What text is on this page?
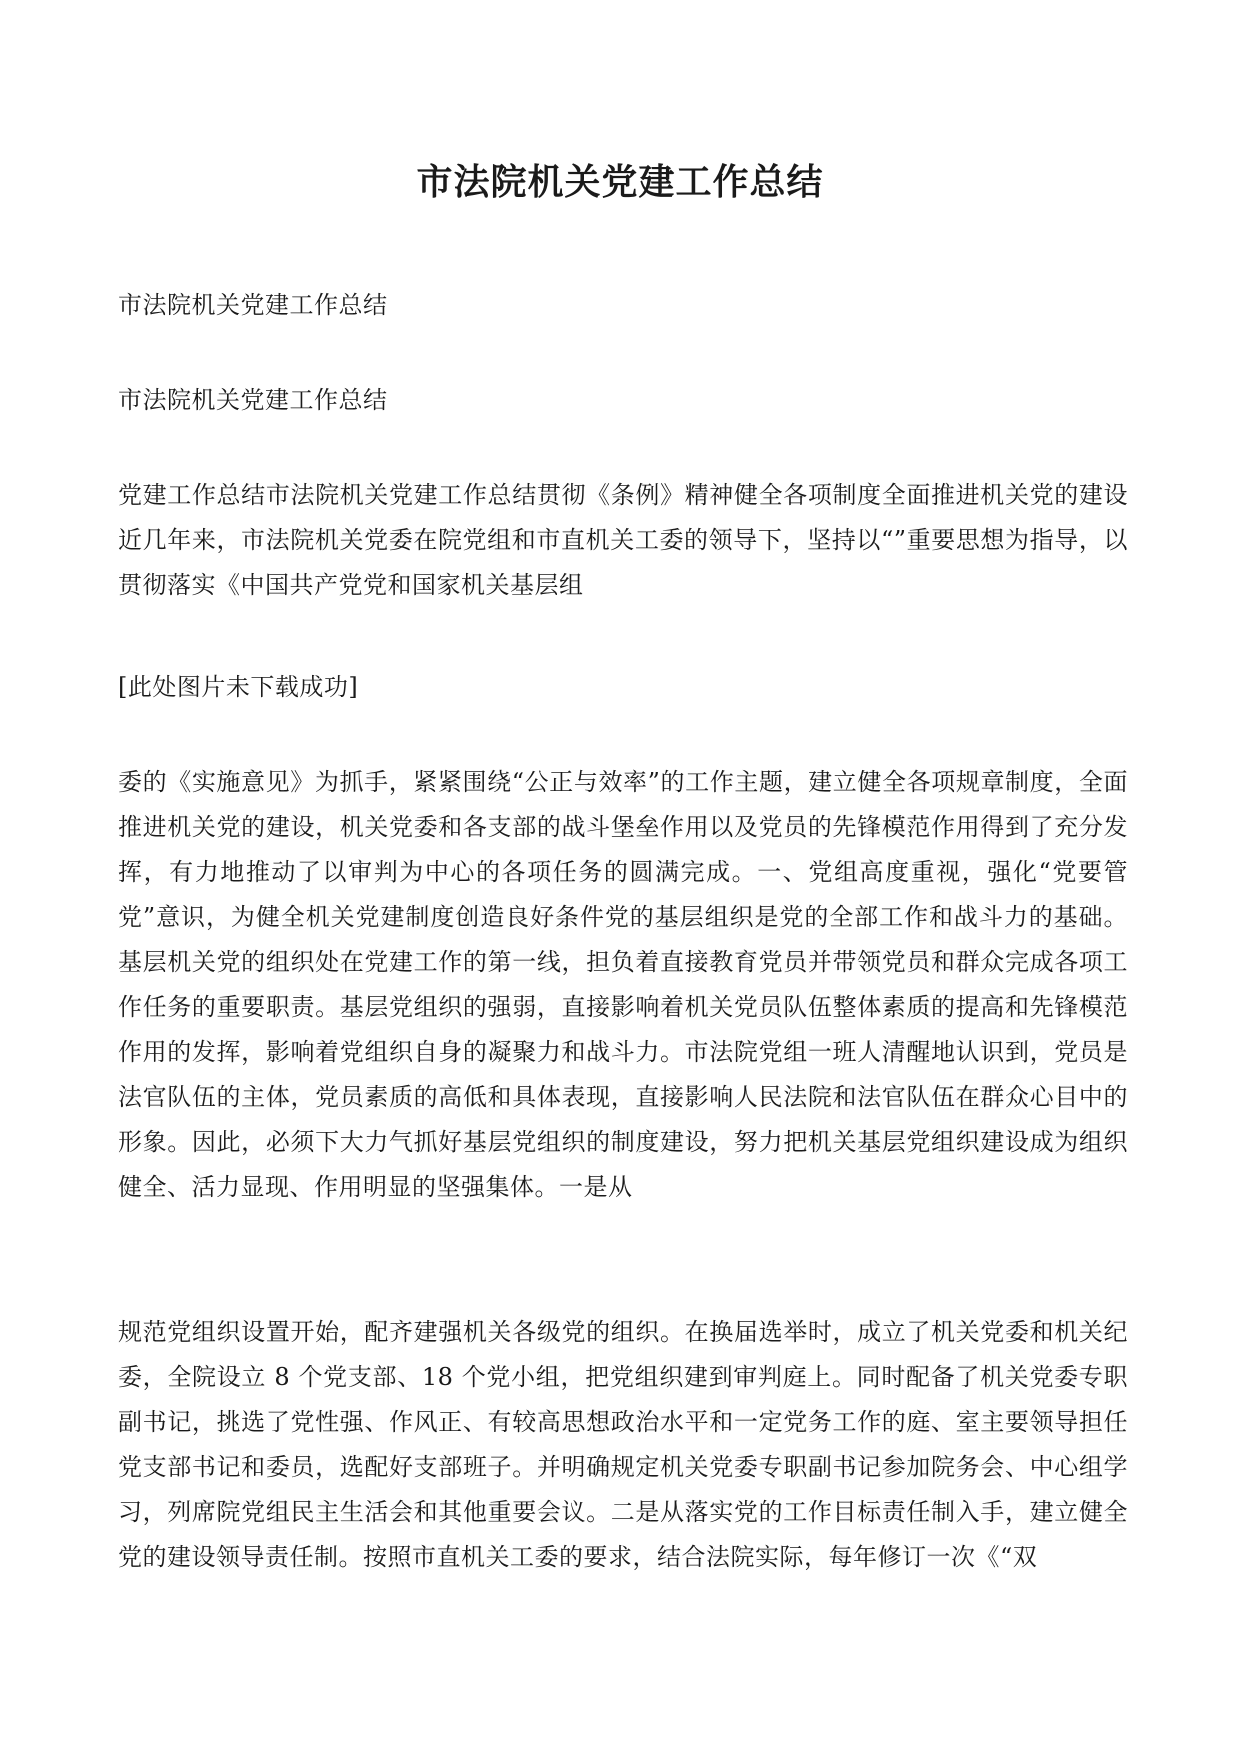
市法院机关党建工作总结

市法院机关党建工作总结

市法院机关党建工作总结

党建工作总结市法院机关党建工作总结贯彻《条例》精神健全各项制度全面推进机关党的建设近几年来，市法院机关党委在院党组和市直机关工委的领导下，坚持以“”重要思想为指导，以贯彻落实《中国共产党党和国家机关基层组

[此处图片未下载成功]

委的《实施意见》为抓手，紧紧围绕“公正与效率”的工作主题，建立健全各项规章制度，全面推进机关党的建设，机关党委和各支部的战斗堡垒作用以及党员的先锋模范作用得到了充分发挥，有力地推动了以审判为中心的各项任务的圆满完成。一、党组高度重视，强化“党要管党”意识，为健全机关党建制度创造良好条件党的基层组织是党的全部工作和战斗力的基础。基层机关党的组织处在党建工作的第一线，担负着直接教育党员并带领党员和群众完成各项工作任务的重要职责。基层党组织的强弱，直接影响着机关党员队伍整体素质的提高和先锋模范作用的发挥，影响着党组织自身的凝聚力和战斗力。市法院党组一班人清醒地认识到，党员是法官队伍的主体，党员素质的高低和具体表现，直接影响人民法院和法官队伍在群众心目中的形象。因此，必须下大力气抓好基层党组织的制度建设，努力把机关基层党组织建设成为组织健全、活力显现、作用明显的坚强集体。一是从

规范党组织设置开始，配齐建强机关各级党的组织。在换届选举时，成立了机关党委和机关纪委，全院设立 8 个党支部、18 个党小组，把党组织建到审判庭上。同时配备了机关党委专职副书记，挑选了党性强、作风正、有较高思想政治水平和一定党务工作的庭、室主要领导担任党支部书记和委员，选配好支部班子。并明确规定机关党委专职副书记参加院务会、中心组学习，列席院党组民主生活会和其他重要会议。二是从落实党的工作目标责任制入手，建立健全党的建设领导责任制。按照市直机关工委的要求，结合法院实际，每年修订一次《“双
